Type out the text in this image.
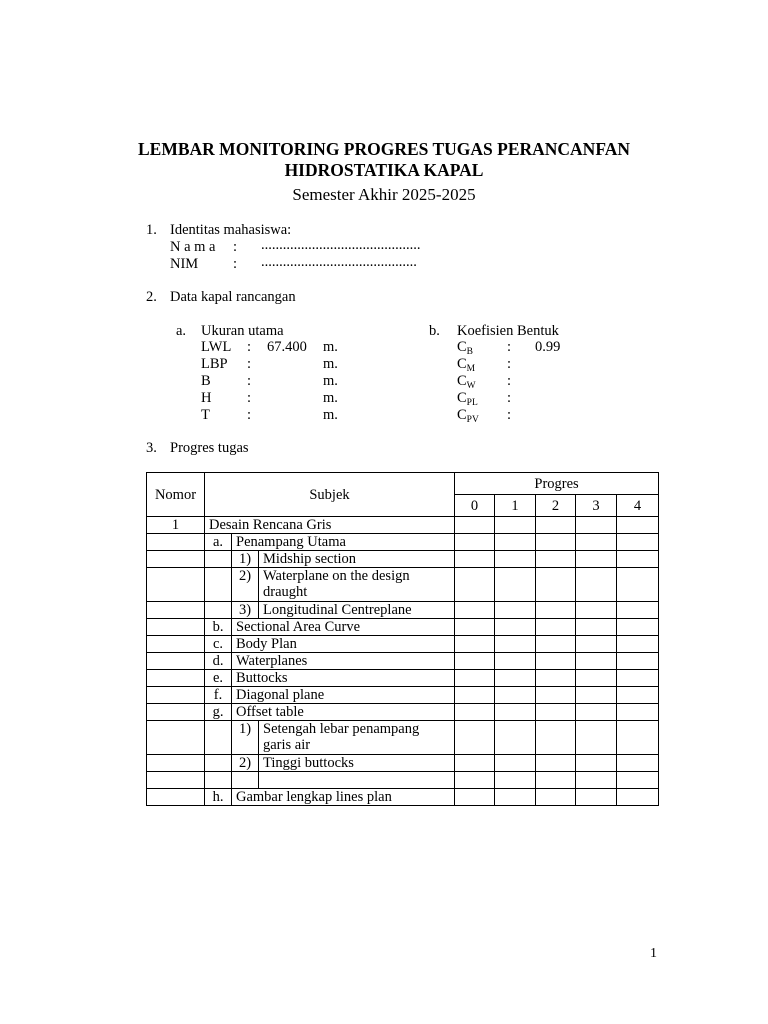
LEMBAR MONITORING PROGRES TUGAS PERANCANFAN
HIDROSTATIKA KAPAL
Semester Akhir 2025-2025
1. Identitas mahasiswa:
N a m a : ............................................
NIM : ...........................................
2. Data kapal rancangan
a. Ukuran utama
LWL : 67.400 m.
LBP :	m.
B	:	m.
H :	m.
T	:	m.
b. Koefisien Bentuk
$C_B$ : 0.99
$C_M$ :
$C_W$ :
$C_{PL}$ :
$C_{PV}$ :
3. Progres tugas
Nomor	Subjek			Progres				
				0	1	2	3	4
1	Desain Rencana Gris							
	a.	Penampang Utama						
		1)	Midship section					
		2)	Waterplane on the design
draught					

		3)	Longitudinal Centreplane					
	b.	Sectional Area Curve						
	c.	Body Plan						
	d.	Waterplanes						
	e.	Buttocks						
	f.	Diagonal plane						
	g.	Offset table						
		1)	Setengah lebar penampang
garis air					

		2)	Tinggi buttocks					

	h.	Gambar lengkap lines plan						
1
